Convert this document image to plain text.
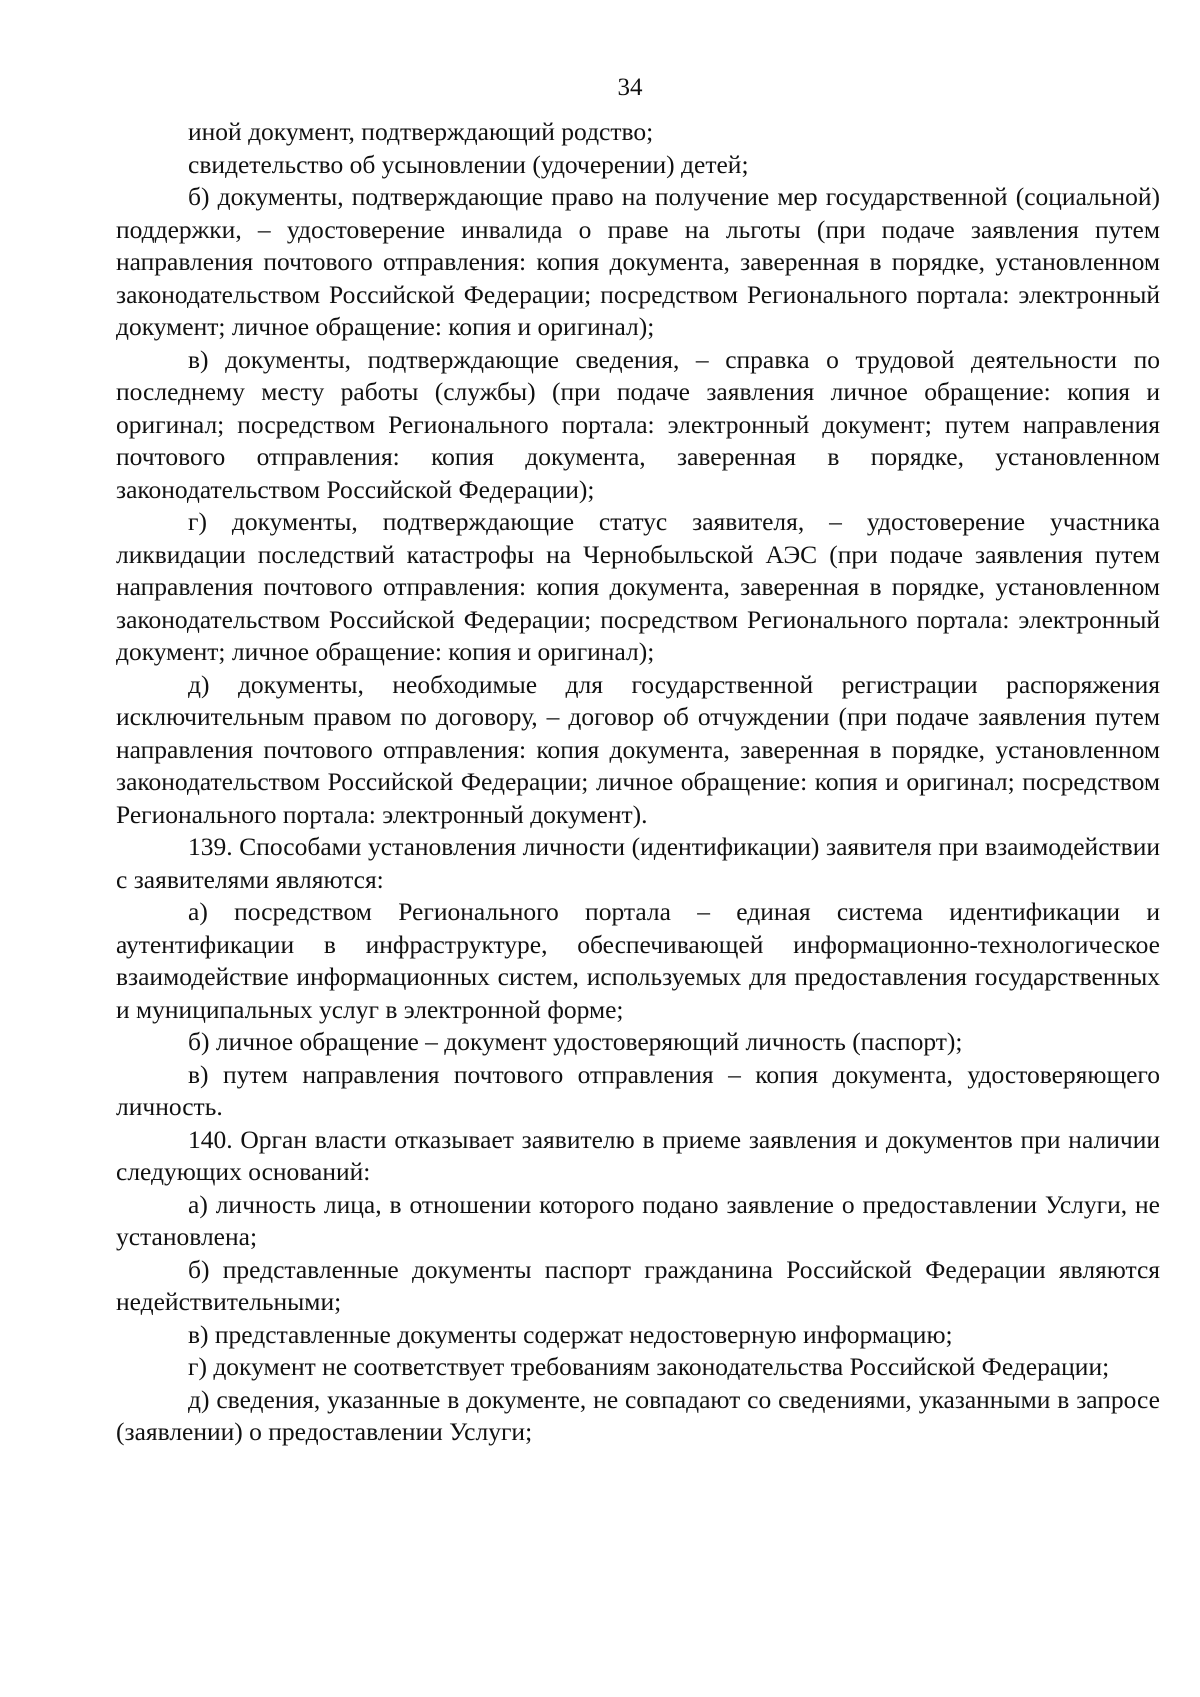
34

иной документ, подтверждающий родство;

свидетельство об усыновлении (удочерении) детей;

б) документы, подтверждающие право на получение мер государственной (социальной) поддержки, – удостоверение инвалида о праве на льготы (при подаче заявления путем направления почтового отправления: копия документа, заверенная в порядке, установленном законодательством Российской Федерации; посредством Регионального портала: электронный документ; личное обращение: копия и оригинал);

в) документы, подтверждающие сведения, – справка о трудовой деятельности по последнему месту работы (службы) (при подаче заявления личное обращение: копия и оригинал; посредством Регионального портала: электронный документ; путем направления почтового отправления: копия документа, заверенная в порядке, установленном законодательством Российской Федерации);

г) документы, подтверждающие статус заявителя, – удостоверение участника ликвидации последствий катастрофы на Чернобыльской АЭС (при подаче заявления путем направления почтового отправления: копия документа, заверенная в порядке, установленном законодательством Российской Федерации; посредством Регионального портала: электронный документ; личное обращение: копия и оригинал);

д) документы, необходимые для государственной регистрации распоряжения исключительным правом по договору, – договор об отчуждении (при подаче заявления путем направления почтового отправления: копия документа, заверенная в порядке, установленном законодательством Российской Федерации; личное обращение: копия и оригинал; посредством Регионального портала: электронный документ).

139. Способами установления личности (идентификации) заявителя при взаимодействии с заявителями являются:

а) посредством Регионального портала – единая система идентификации и аутентификации в инфраструктуре, обеспечивающей информационно-технологическое взаимодействие информационных систем, используемых для предоставления государственных и муниципальных услуг в электронной форме;

б) личное обращение – документ удостоверяющий личность (паспорт);

в) путем направления почтового отправления – копия документа, удостоверяющего личность.

140. Орган власти отказывает заявителю в приеме заявления и документов при наличии следующих оснований:

а) личность лица, в отношении которого подано заявление о предоставлении Услуги, не установлена;

б) представленные документы паспорт гражданина Российской Федерации являются недействительными;

в) представленные документы содержат недостоверную информацию;

г) документ не соответствует требованиям законодательства Российской Федерации;

д) сведения, указанные в документе, не совпадают со сведениями, указанными в запросе (заявлении) о предоставлении Услуги;
